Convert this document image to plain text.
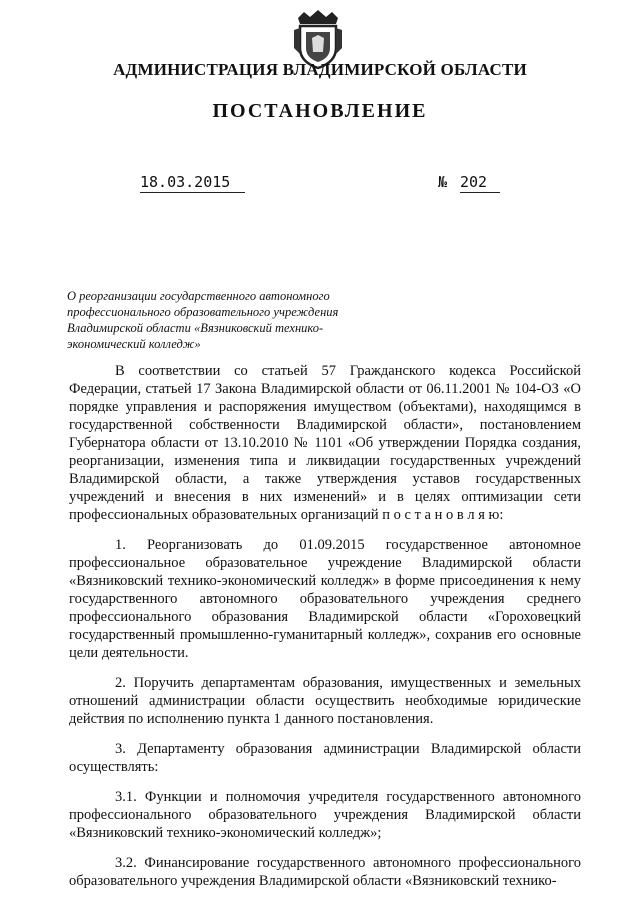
АДМИНИСТРАЦИЯ ВЛАДИМИРСКОЙ ОБЛАСТИ
ПОСТАНОВЛЕНИЕ
18.03.2015	№ 202
О реорганизации государственного автономного профессионального образовательного учреждения Владимирской области «Вязниковский технико-экономический колледж»

В соответствии со статьей 57 Гражданского кодекса Российской Федерации, статьей 17 Закона Владимирской области от 06.11.2001 № 104-ОЗ «О порядке управления и распоряжения имуществом (объектами), находящимся в государственной собственности Владимирской области», постановлением Губернатора области от 13.10.2010 № 1101 «Об утверждении Порядка создания, реорганизации, изменения типа и ликвидации государственных учреждений Владимирской области, а также утверждения уставов государственных учреждений и внесения в них изменений» и в целях оптимизации сети профессиональных образовательных организаций п о с т а н о в л я ю:

1. Реорганизовать до 01.09.2015 государственное автономное профессиональное образовательное учреждение Владимирской области «Вязниковский технико-экономический колледж» в форме присоединения к нему государственного автономного образовательного учреждения среднего профессионального образования Владимирской области «Гороховецкий государственный промышленно-гуманитарный колледж», сохранив его основные цели деятельности.

2. Поручить департаментам образования, имущественных и земельных отношений администрации области осуществить необходимые юридические действия по исполнению пункта 1 данного постановления.

3. Департаменту образования администрации Владимирской области осуществлять:

3.1. Функции и полномочия учредителя государственного автономного профессионального образовательного учреждения Владимирской области «Вязниковский технико-экономический колледж»;

3.2. Финансирование государственного автономного профессионального образовательного учреждения Владимирской области «Вязниковский технико-
